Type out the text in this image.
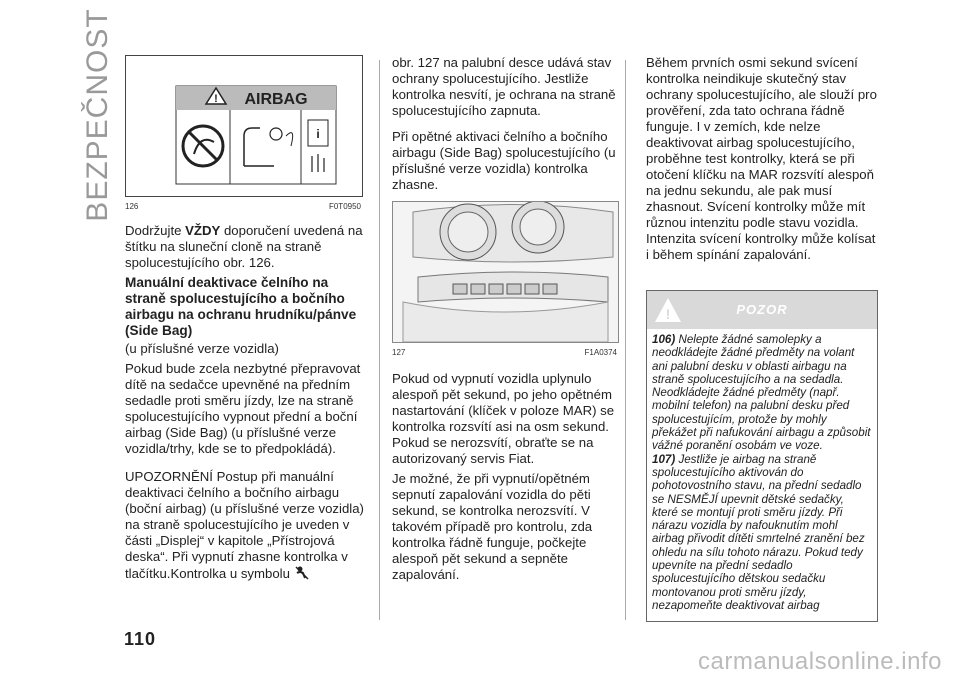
BEZPEČNOST
110
! AIRBAG
i
126	F0T0950

Dodržujte VŽDY doporučení uvedená na štítku na sluneční cloně na straně spolucestujícího obr. 126.

Manuální deaktivace čelního na straně spolucestujícího a bočního airbagu na ochranu hrudníku/pánve (Side Bag)

(u příslušné verze vozidla)

Pokud bude zcela nezbytné přepravovat dítě na sedačce upevněné na předním sedadle proti směru jízdy, lze na straně spolucestujícího vypnout přední a boční airbag (Side Bag) (u příslušné verze vozidla/trhy, kde se to předpokládá).

UPOZORNĚNÍ Postup při manuální deaktivaci čelního a bočního airbagu (boční airbag) (u příslušné verze vozidla) na straně spolucestujícího je uveden v části „Displej“ v kapitole „Přístrojová deska“. Při vypnutí zhasne kontrolka v tlačítku.Kontrolka u symbolu

obr. 127 na palubní desce udává stav ochrany spolucestujícího. Jestliže kontrolka nesvítí, je ochrana na straně spolucestujícího zapnuta.

Při opětné aktivaci čelního a bočního airbagu (Side Bag) spolucestujícího (u příslušné verze vozidla) kontrolka zhasne.

127	F1A0374

Pokud od vypnutí vozidla uplynulo alespoň pět sekund, po jeho opětném nastartování (klíček v poloze MAR) se kontrolka rozsvítí asi na osm sekund. Pokud se nerozsvítí, obraťte se na autorizovaný servis Fiat.

Je možné, že při vypnutí/opětném sepnutí zapalování vozidla do pěti sekund, se kontrolka nerozsvítí. V takovém případě pro kontrolu, zda kontrolka řádně funguje, počkejte alespoň pět sekund a sepněte zapalování.

Během prvních osmi sekund svícení kontrolka neindikuje skutečný stav ochrany spolucestujícího, ale slouží pro prověření, zda tato ochrana řádně funguje. I v zemích, kde nelze deaktivovat airbag spolucestujícího, proběhne test kontrolky, která se při otočení klíčku na MAR rozsvítí alespoň na jednu sekundu, ale pak musí zhasnout. Svícení kontrolky může mít různou intenzitu podle stavu vozidla. Intenzita svícení kontrolky může kolísat i během spínání zapalování.

!	POZOR

106) Nelepte žádné samolepky a neodkládejte žádné předměty na volant ani palubní desku v oblasti airbagu na straně spolucestujícího a na sedadla. Neodkládejte žádné předměty (např. mobilní telefon) na palubní desku před spolucestujícím, protože by mohly překážet při nafukování airbagu a způsobit vážné poranění osobám ve voze.

107) Jestliže je airbag na straně spolucestujícího aktivován do pohotovostního stavu, na přední sedadlo se NESMĚJÍ upevnit dětské sedačky, které se montují proti směru jízdy. Při nárazu vozidla by nafouknutím mohl airbag přivodit dítěti smrtelné zranění bez ohledu na sílu tohoto nárazu. Pokud tedy upevníte na přední sedadlo spolucestujícího dětskou sedačku montovanou proti směru jízdy, nezapomeňte deaktivovat airbag

carmanualsonline.info
